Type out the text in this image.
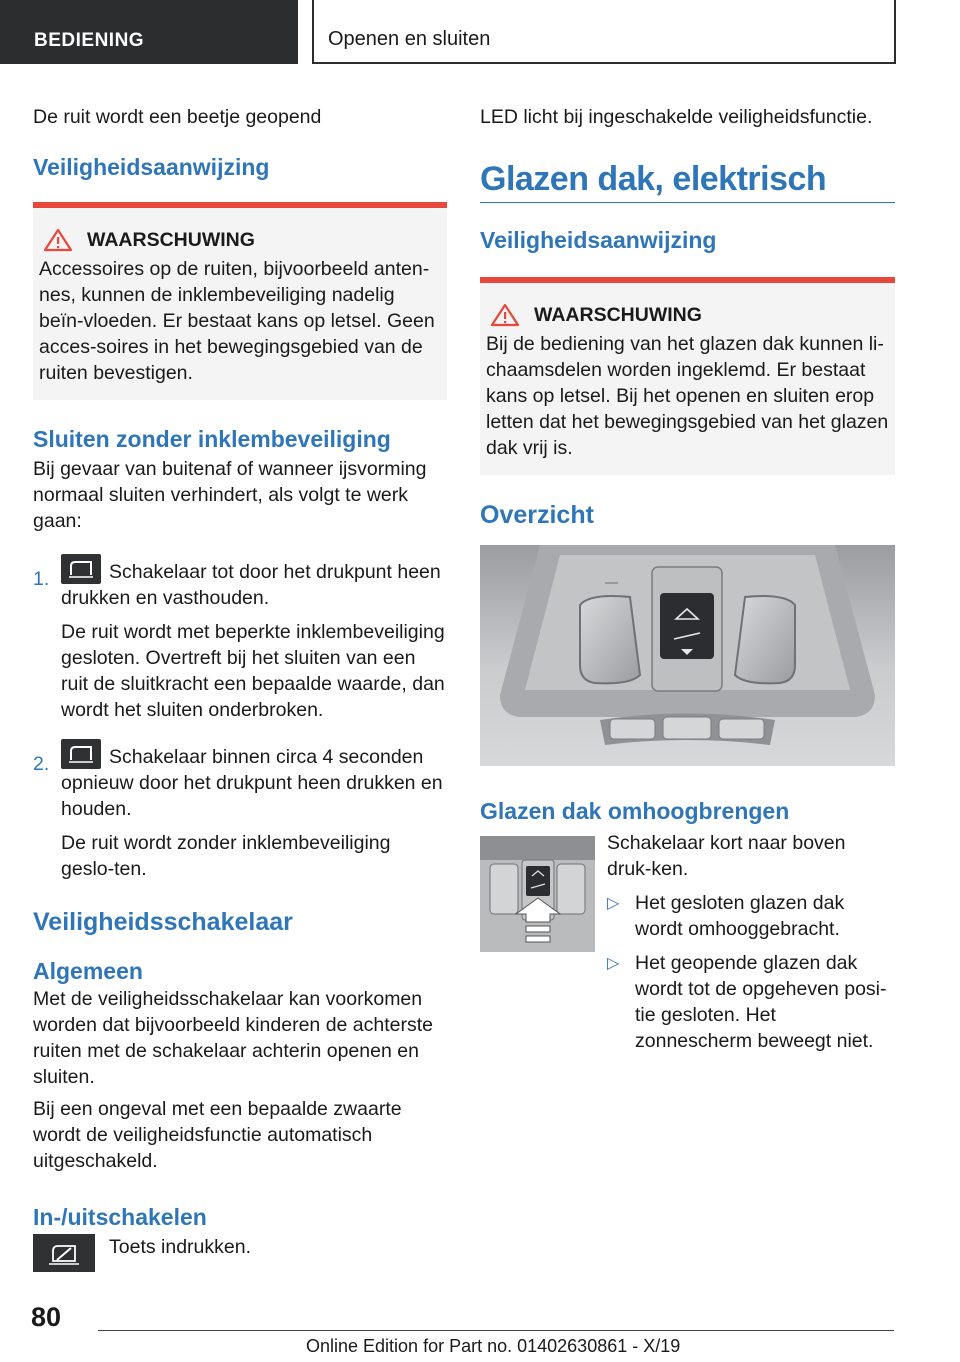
BEDIENING	Openen en sluiten

De ruit wordt een beetje geopend

Veiligheidsaanwijzing
WAARSCHUWING

Accessoires op de ruiten, bijvoorbeeld anten-nes, kunnen de inklembeveiliging nadelig beïn-vloeden. Er bestaat kans op letsel. Geen acces-soires in het bewegingsgebied van de ruiten bevestigen.

Sluiten zonder inklembeveiliging

Bij gevaar van buitenaf of wanneer ijsvorming normaal sluiten verhindert, als volgt te werk gaan:

1.	Schakelaar tot door het drukpunt heen drukken en vasthouden.

De ruit wordt met beperkte inklembeveiliging gesloten. Overtreft bij het sluiten van een ruit de sluitkracht een bepaalde waarde, dan wordt het sluiten onderbroken.

2.	Schakelaar binnen circa 4 seconden opnieuw door het drukpunt heen drukken en houden.

De ruit wordt zonder inklembeveiliging geslo-ten.

Veiligheidsschakelaar
Algemeen

Met de veiligheidsschakelaar kan voorkomen worden dat bijvoorbeeld kinderen de achterste ruiten met de schakelaar achterin openen en sluiten.

Bij een ongeval met een bepaalde zwaarte wordt de veiligheidsfunctie automatisch uitgeschakeld.

In-/uitschakelen

Toets indrukken.

LED licht bij ingeschakelde veiligheidsfunctie.

Glazen dak, elektrisch
Veiligheidsaanwijzing
WAARSCHUWING

Bij de bediening van het glazen dak kunnen li-chaamsdelen worden ingeklemd. Er bestaat kans op letsel. Bij het openen en sluiten erop letten dat het bewegingsgebied van het glazen dak vrij is.

Overzicht
Glazen dak omhoogbrengen

Schakelaar kort naar boven druk-ken.

▷ Het gesloten glazen dak wordt omhooggebracht.

▷ Het geopende glazen dak wordt tot de opgeheven posi-tie gesloten. Het zonnescherm beweegt niet.

80
Online Edition for Part no. 01402630861 - X/19
